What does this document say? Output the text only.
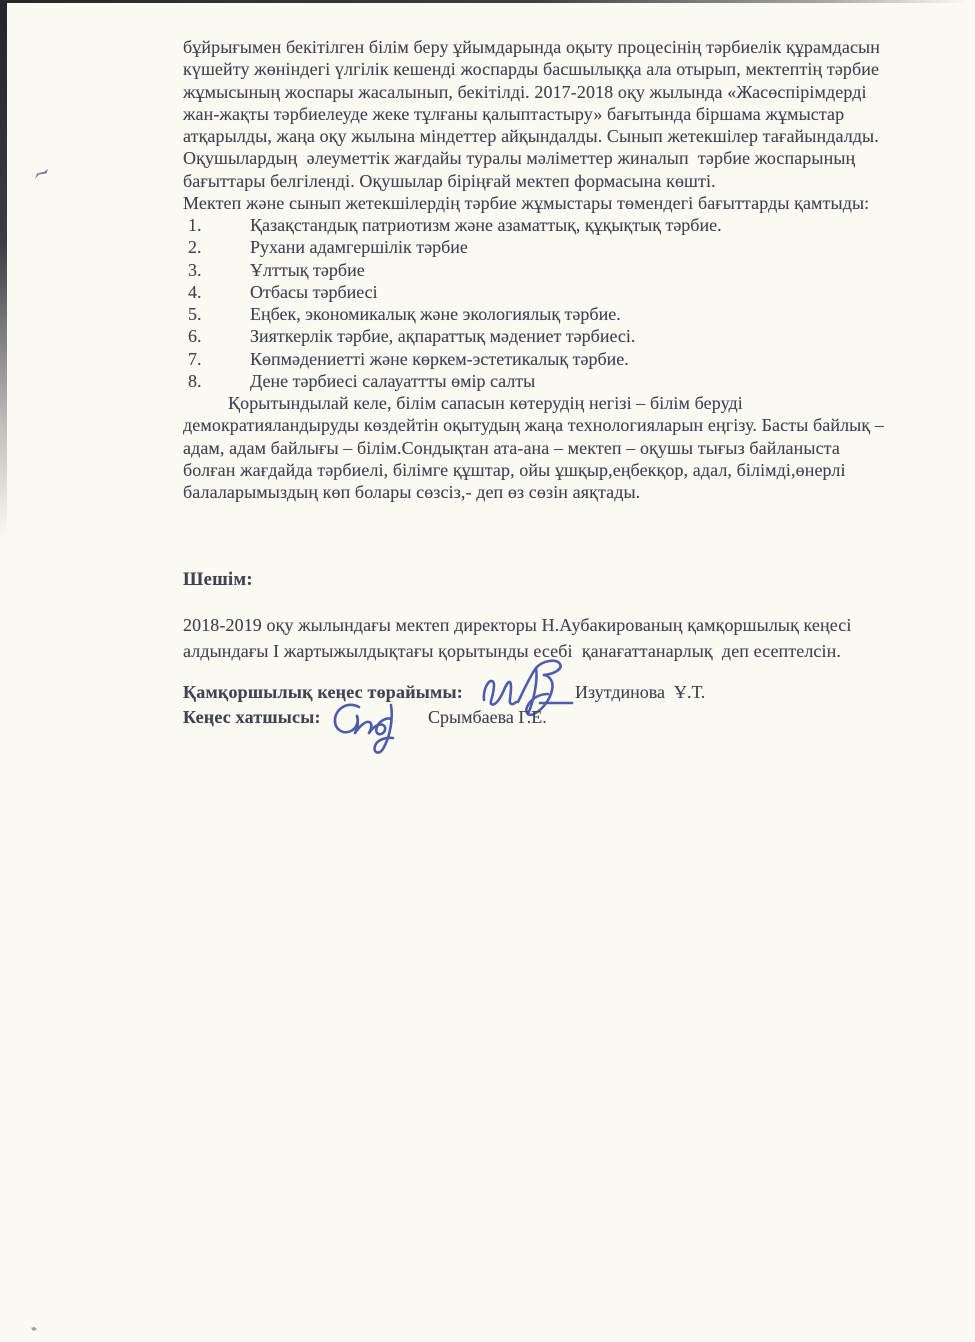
бұйрығымен бекітілген білім беру ұйымдарында оқыту процесінің тәрбиелік құрамдасын
күшейту жөніндегі үлгілік кешенді жоспарды басшылыққа ала отырып, мектептің тәрбие
жұмысының жоспары жасалынып, бекітілді. 2017-2018 оқу жылында «Жасөспірімдерді
жан-жақты тәрбиелеуде жеке тұлғаны қалыптастыру» бағытында біршама жұмыстар
атқарылды, жаңа оқу жылына міндеттер айқындалды. Сынып жетекшілер тағайындалды.
Оқушылардың  әлеуметтік жағдайы туралы мәліметтер жиналып  тәрбие жоспарының
бағыттары белгіленді. Оқушылар біріңғай мектеп формасына көшті.
Мектеп және сынып жетекшілердің тәрбие жұмыстары төмендегі бағыттарды қамтыды:
1.	Қазақстандық патриотизм және азаматтық, құқықтық тәрбие.
2.	Рухани адамгершілік тәрбие
3.	Ұлттық тәрбие
4.	Отбасы тәрбиесі
5.	Еңбек, экономикалық және экологиялық тәрбие.
6.	Зияткерлік тәрбие, ақпараттық мәдениет тәрбиесі.
7.	Көпмәдениетті және көркем-эстетикалық тәрбие.
8.	Дене тәрбиесі салауаттты өмір салты
Қорытындылай келе, білім сапасын көтерудің негізі – білім беруді
демократияландыруды көздейтін оқытудың жаңа технологияларын еңгізу. Басты байлық –
адам, адам байлығы – білім.Сондықтан ата-ана – мектеп – оқушы тығыз байланыста
болған жағдайда тәрбиелі, білімге құштар, ойы ұшқыр,еңбекқор, адал, білімді,өнерлі
балаларымыздың көп болары сөзсіз,- деп өз сөзін аяқтады.
Шешім:
2018-2019 оқу жылындағы мектеп директоры Н.Аубакированың қамқоршылық кеңесі
алдындағы I жартыжылдықтағы қорытынды есебі  қанағаттанарлық  деп есептелсін.
Қамқоршылық кеңес төрайымы:	Изутдинова  Ұ.Т.
Кеңес хатшысы:	Срымбаева Г.Е.
